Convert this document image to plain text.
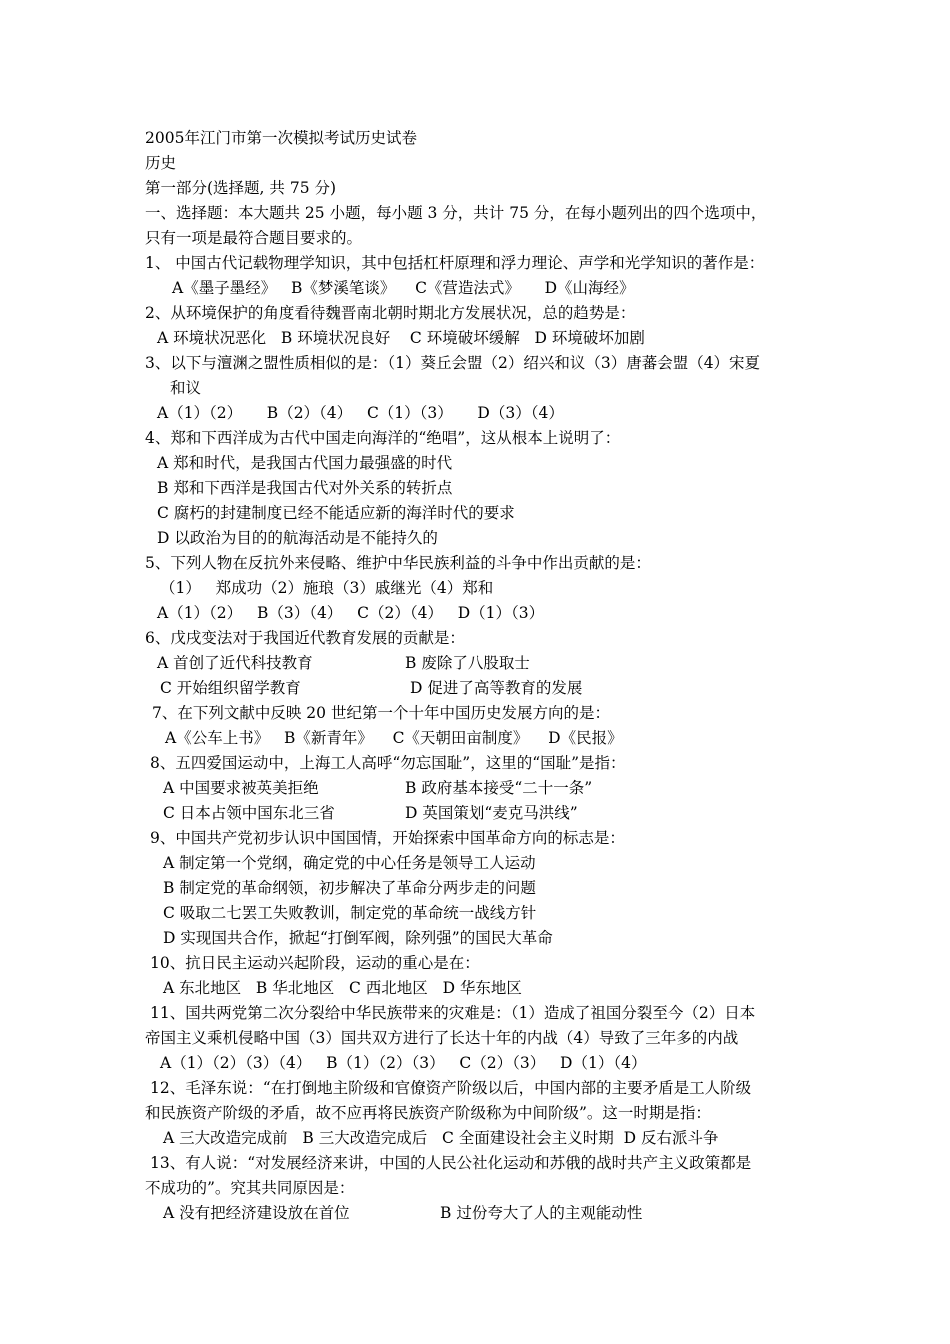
2005年江门市第一次模拟考试历史试卷
历史
第一部分(选择题, 共 75 分)
一、选择题：本大题共 25 小题，每小题 3 分，共计 75 分，在每小题列出的四个选项中，
只有一项是最符合题目要求的。
1、 中国古代记载物理学知识，其中包括杠杆原理和浮力理论、声学和光学知识的著作是：
A《墨子墨经》   B《梦溪笔谈》    C《营造法式》     D《山海经》
2、从环境保护的角度看待魏晋南北朝时期北方发展状况，总的趋势是：
A 环境状况恶化   B 环境状况良好    C 环境破坏缓解   D 环境破坏加剧
3、以下与澶渊之盟性质相似的是：（1）葵丘会盟（2）绍兴和议（3）唐蕃会盟（4）宋夏
和议
A（1）（2）     B（2）（4）   C（1）（3）     D（3）（4）
4、郑和下西洋成为古代中国走向海洋的“绝唱”，这从根本上说明了：
A 郑和时代，是我国古代国力最强盛的时代
B 郑和下西洋是我国古代对外关系的转折点
C 腐朽的封建制度已经不能适应新的海洋时代的要求
D 以政治为目的的航海活动是不能持久的
5、下列人物在反抗外来侵略、维护中华民族利益的斗争中作出贡献的是：
（1）   郑成功（2）施琅（3）戚继光（4）郑和
A（1）（2）   B（3）（4）   C（2）（4）   D（1）（3）
6、戊戌变法对于我国近代教育发展的贡献是：
A 首创了近代科技教育	B 废除了八股取士
C 开始组织留学教育	D 促进了高等教育的发展
7、在下列文献中反映 20 世纪第一个十年中国历史发展方向的是：
A《公车上书》   B《新青年》    C《天朝田亩制度》    D《民报》
8、五四爱国运动中，上海工人高呼“勿忘国耻”，这里的“国耻”是指：
A 中国要求被英美拒绝	B 政府基本接受“二十一条”
C 日本占领中国东北三省	D 英国策划“麦克马洪线”
9、中国共产党初步认识中国国情，开始探索中国革命方向的标志是：
A 制定第一个党纲，确定党的中心任务是领导工人运动
B 制定党的革命纲领，初步解决了革命分两步走的问题
C 吸取二七罢工失败教训，制定党的革命统一战线方针
D 实现国共合作，掀起“打倒军阀，除列强”的国民大革命
10、抗日民主运动兴起阶段，运动的重心是在：
A 东北地区   B 华北地区   C 西北地区   D 华东地区
11、国共两党第二次分裂给中华民族带来的灾难是：（1）造成了祖国分裂至今（2）日本
帝国主义乘机侵略中国（3）国共双方进行了长达十年的内战（4）导致了三年多的内战
A（1）（2）（3）（4）   B（1）（2）（3）   C（2）（3）   D（1）（4）
12、毛泽东说：“在打倒地主阶级和官僚资产阶级以后，中国内部的主要矛盾是工人阶级
和民族资产阶级的矛盾，故不应再将民族资产阶级称为中间阶级”。这一时期是指：
A 三大改造完成前   B 三大改造完成后   C 全面建设社会主义时期  D 反右派斗争
13、有人说：“对发展经济来讲，中国的人民公社化运动和苏俄的战时共产主义政策都是
不成功的”。究其共同原因是：
A 没有把经济建设放在首位	B 过份夸大了人的主观能动性
